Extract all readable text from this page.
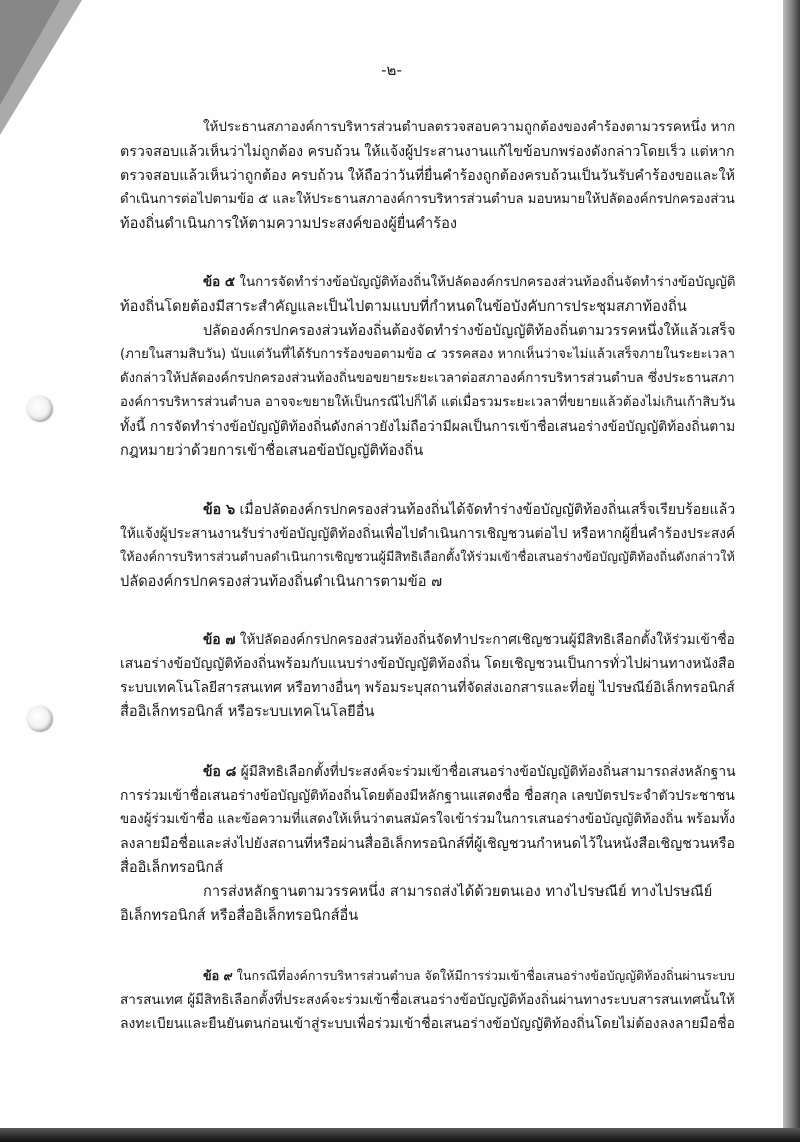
-๒-
ให้ประธานสภาองค์การบริหารส่วนตำบลตรวจสอบความถูกต้องของคำร้องตามวรรคหนึ่ง หาก
ตรวจสอบแล้วเห็นว่าไม่ถูกต้อง ครบถ้วน ให้แจ้งผู้ประสานงานแก้ไขข้อบกพร่องดังกล่าวโดยเร็ว แต่หาก
ตรวจสอบแล้วเห็นว่าถูกต้อง ครบถ้วน ให้ถือว่าวันที่ยื่นคำร้องถูกต้องครบถ้วนเป็นวันรับคำร้องขอและให้
ดำเนินการต่อไปตามข้อ ๕ และให้ประธานสภาองค์การบริหารส่วนตำบล มอบหมายให้ปลัดองค์กรปกครองส่วน
ท้องถิ่นดำเนินการให้ตามความประสงค์ของผู้ยื่นคำร้อง
ข้อ ๕ ในการจัดทำร่างข้อบัญญัติท้องถิ่นให้ปลัดองค์กรปกครองส่วนท้องถิ่นจัดทำร่างข้อบัญญัติ
ท้องถิ่นโดยต้องมีสาระสำคัญและเป็นไปตามแบบที่กำหนดในข้อบังคับการประชุมสภาท้องถิ่น
ปลัดองค์กรปกครองส่วนท้องถิ่นต้องจัดทำร่างข้อบัญญัติท้องถิ่นตามวรรคหนึ่งให้แล้วเสร็จ
(ภายในสามสิบวัน) นับแต่วันที่ได้รับการร้องขอตามข้อ ๔ วรรคสอง หากเห็นว่าจะไม่แล้วเสร็จภายในระยะเวลา
ดังกล่าวให้ปลัดองค์กรปกครองส่วนท้องถิ่นขอขยายระยะเวลาต่อสภาองค์การบริหารส่วนตำบล ซึ่งประธานสภา
องค์การบริหารส่วนตำบล อาจจะขยายให้เป็นกรณีไปก็ได้ แต่เมื่อรวมระยะเวลาที่ขยายแล้วต้องไม่เกินเก้าสิบวัน
ทั้งนี้ การจัดทำร่างข้อบัญญัติท้องถิ่นดังกล่าวยังไม่ถือว่ามีผลเป็นการเข้าชื่อเสนอร่างข้อบัญญัติท้องถิ่นตาม
กฎหมายว่าด้วยการเข้าชื่อเสนอข้อบัญญัติท้องถิ่น
ข้อ ๖ เมื่อปลัดองค์กรปกครองส่วนท้องถิ่นได้จัดทำร่างข้อบัญญัติท้องถิ่นเสร็จเรียบร้อยแล้ว
ให้แจ้งผู้ประสานงานรับร่างข้อบัญญัติท้องถิ่นเพื่อไปดำเนินการเชิญชวนต่อไป หรือหากผู้ยื่นคำร้องประสงค์
ให้องค์การบริหารส่วนตำบลดำเนินการเชิญชวนผู้มีสิทธิเลือกตั้งให้ร่วมเข้าชื่อเสนอร่างข้อบัญญัติท้องถิ่นดังกล่าวให้
ปลัดองค์กรปกครองส่วนท้องถิ่นดำเนินการตามข้อ ๗
ข้อ ๗ ให้ปลัดองค์กรปกครองส่วนท้องถิ่นจัดทำประกาศเชิญชวนผู้มีสิทธิเลือกตั้งให้ร่วมเข้าชื่อ
เสนอร่างข้อบัญญัติท้องถิ่นพร้อมกับแนบร่างข้อบัญญัติท้องถิ่น โดยเชิญชวนเป็นการทั่วไปผ่านทางหนังสือ
ระบบเทคโนโลยีสารสนเทศ หรือทางอื่นๆ พร้อมระบุสถานที่จัดส่งเอกสารและที่อยู่ ไปรษณีย์อิเล็กทรอนิกส์
สื่ออิเล็กทรอนิกส์ หรือระบบเทคโนโลยีอื่น
ข้อ ๘ ผู้มีสิทธิเลือกตั้งที่ประสงค์จะร่วมเข้าชื่อเสนอร่างข้อบัญญัติท้องถิ่นสามารถส่งหลักฐาน
การร่วมเข้าชื่อเสนอร่างข้อบัญญัติท้องถิ่นโดยต้องมีหลักฐานแสดงชื่อ ชื่อสกุล เลขบัตรประจำตัวประชาชน
ของผู้ร่วมเข้าชื่อ และข้อความที่แสดงให้เห็นว่าตนสมัครใจเข้าร่วมในการเสนอร่างข้อบัญญัติท้องถิ่น พร้อมทั้ง
ลงลายมือชื่อและส่งไปยังสถานที่หรือผ่านสื่ออิเล็กทรอนิกส์ที่ผู้เชิญชวนกำหนดไว้ในหนังสือเชิญชวนหรือ
สื่ออิเล็กทรอนิกส์
การส่งหลักฐานตามวรรคหนึ่ง สามารถส่งได้ด้วยตนเอง ทางไปรษณีย์ ทางไปรษณีย์
อิเล็กทรอนิกส์ หรือสื่ออิเล็กทรอนิกส์อื่น
ข้อ ๙ ในกรณีที่องค์การบริหารส่วนตำบล จัดให้มีการร่วมเข้าชื่อเสนอร่างข้อบัญญัติท้องถิ่นผ่านระบบ
สารสนเทศ ผู้มีสิทธิเลือกตั้งที่ประสงค์จะร่วมเข้าชื่อเสนอร่างข้อบัญญัติท้องถิ่นผ่านทางระบบสารสนเทศนั้นให้
ลงทะเบียนและยืนยันตนก่อนเข้าสู่ระบบเพื่อร่วมเข้าชื่อเสนอร่างข้อบัญญัติท้องถิ่นโดยไม่ต้องลงลายมือชื่อ
